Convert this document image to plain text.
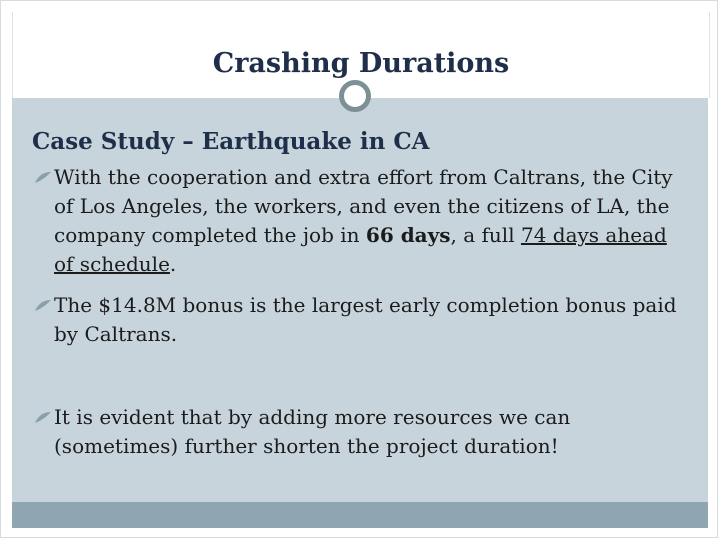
Crashing Durations
Case Study – Earthquake in CA
With the cooperation and extra effort from Caltrans, the City of Los Angeles, the workers, and even the citizens of LA, the company completed the job in 66 days, a full 74 days ahead of schedule.
The $14.8M bonus is the largest early completion bonus paid by Caltrans.
It is evident that by adding more resources we can (sometimes) further shorten the project duration!
